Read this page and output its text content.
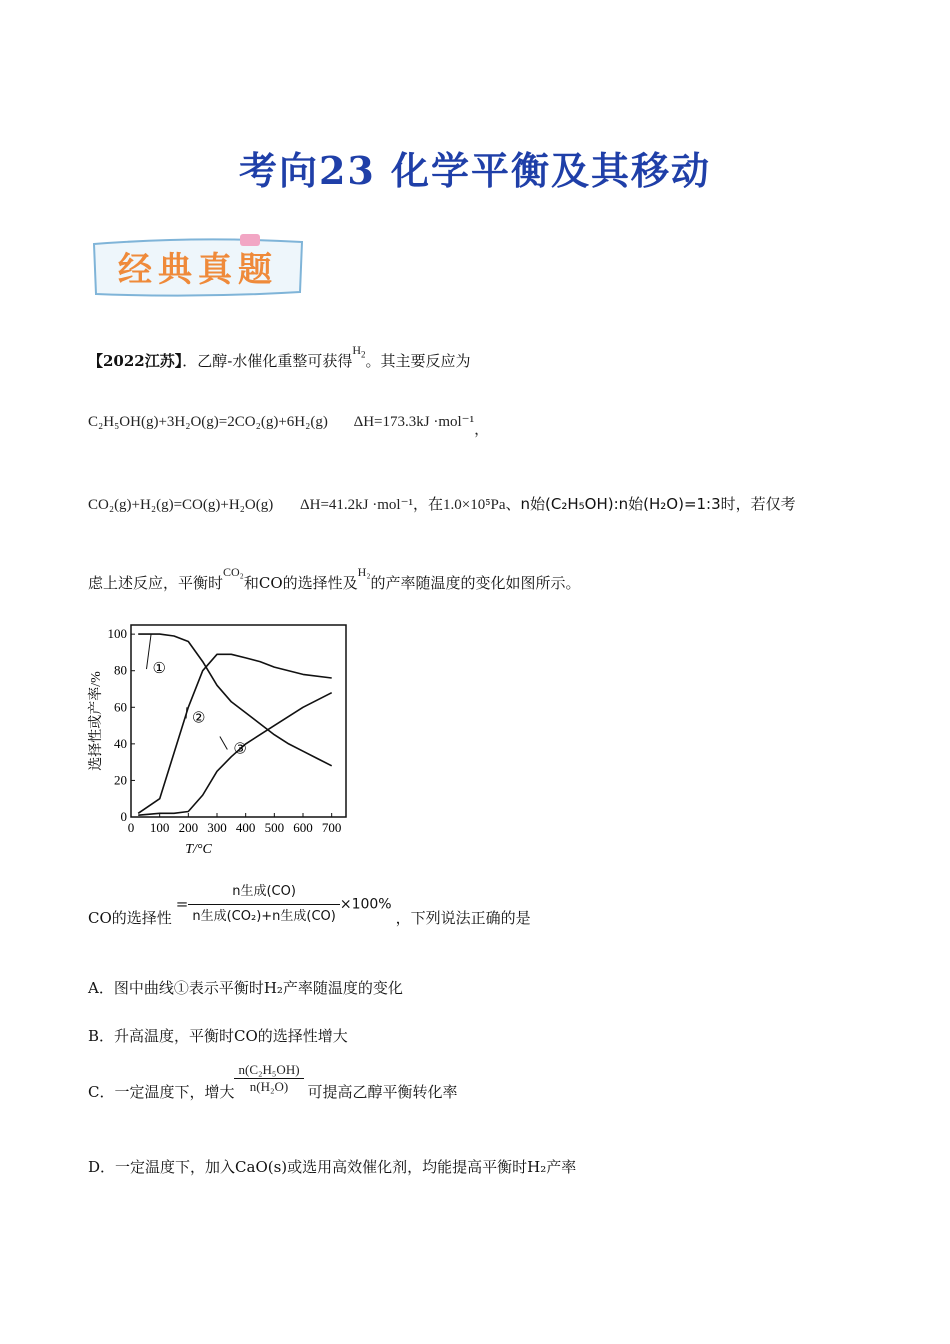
考向23 化学平衡及其移动
经典真题
【2022江苏】．乙醇-水催化重整可获得$^{H_2}$。其主要反应为
C₂H₅OH(g)+3H₂O(g)=2CO₂(g)+6H₂(g) ΔH=173.3kJ ·mol⁻¹，
CO₂(g)+H₂(g)=CO(g)+H₂O(g) ΔH=41.2kJ ·mol⁻¹，在1.0×10⁵Pa、n始(C₂H₅OH):n始(H₂O)=1:3时，若仅考
虑上述反应，平衡时$^{CO_2}$和CO的选择性及$^{H_2}$的产率随温度的变化如图所示。
0 100 200 300 400 500 600 700
0
20
40
60
80
100
T/°C
选择性或产率/%
①
②
③
CO的选择性= $\frac{\text{n生成(CO)}}{\text{n生成(CO₂)+n生成(CO)}} \times 100\%$，下列说法正确的是
A．图中曲线①表示平衡时H₂产率随温度的变化
B．升高温度，平衡时CO的选择性增大
C．一定温度下，增大 $\frac{\text{n(C₂H₅OH)}}{\text{n(H₂O)}}$ 可提高乙醇平衡转化率
D．一定温度下，加入CaO(s)或选用高效催化剂，均能提高平衡时H₂产率
